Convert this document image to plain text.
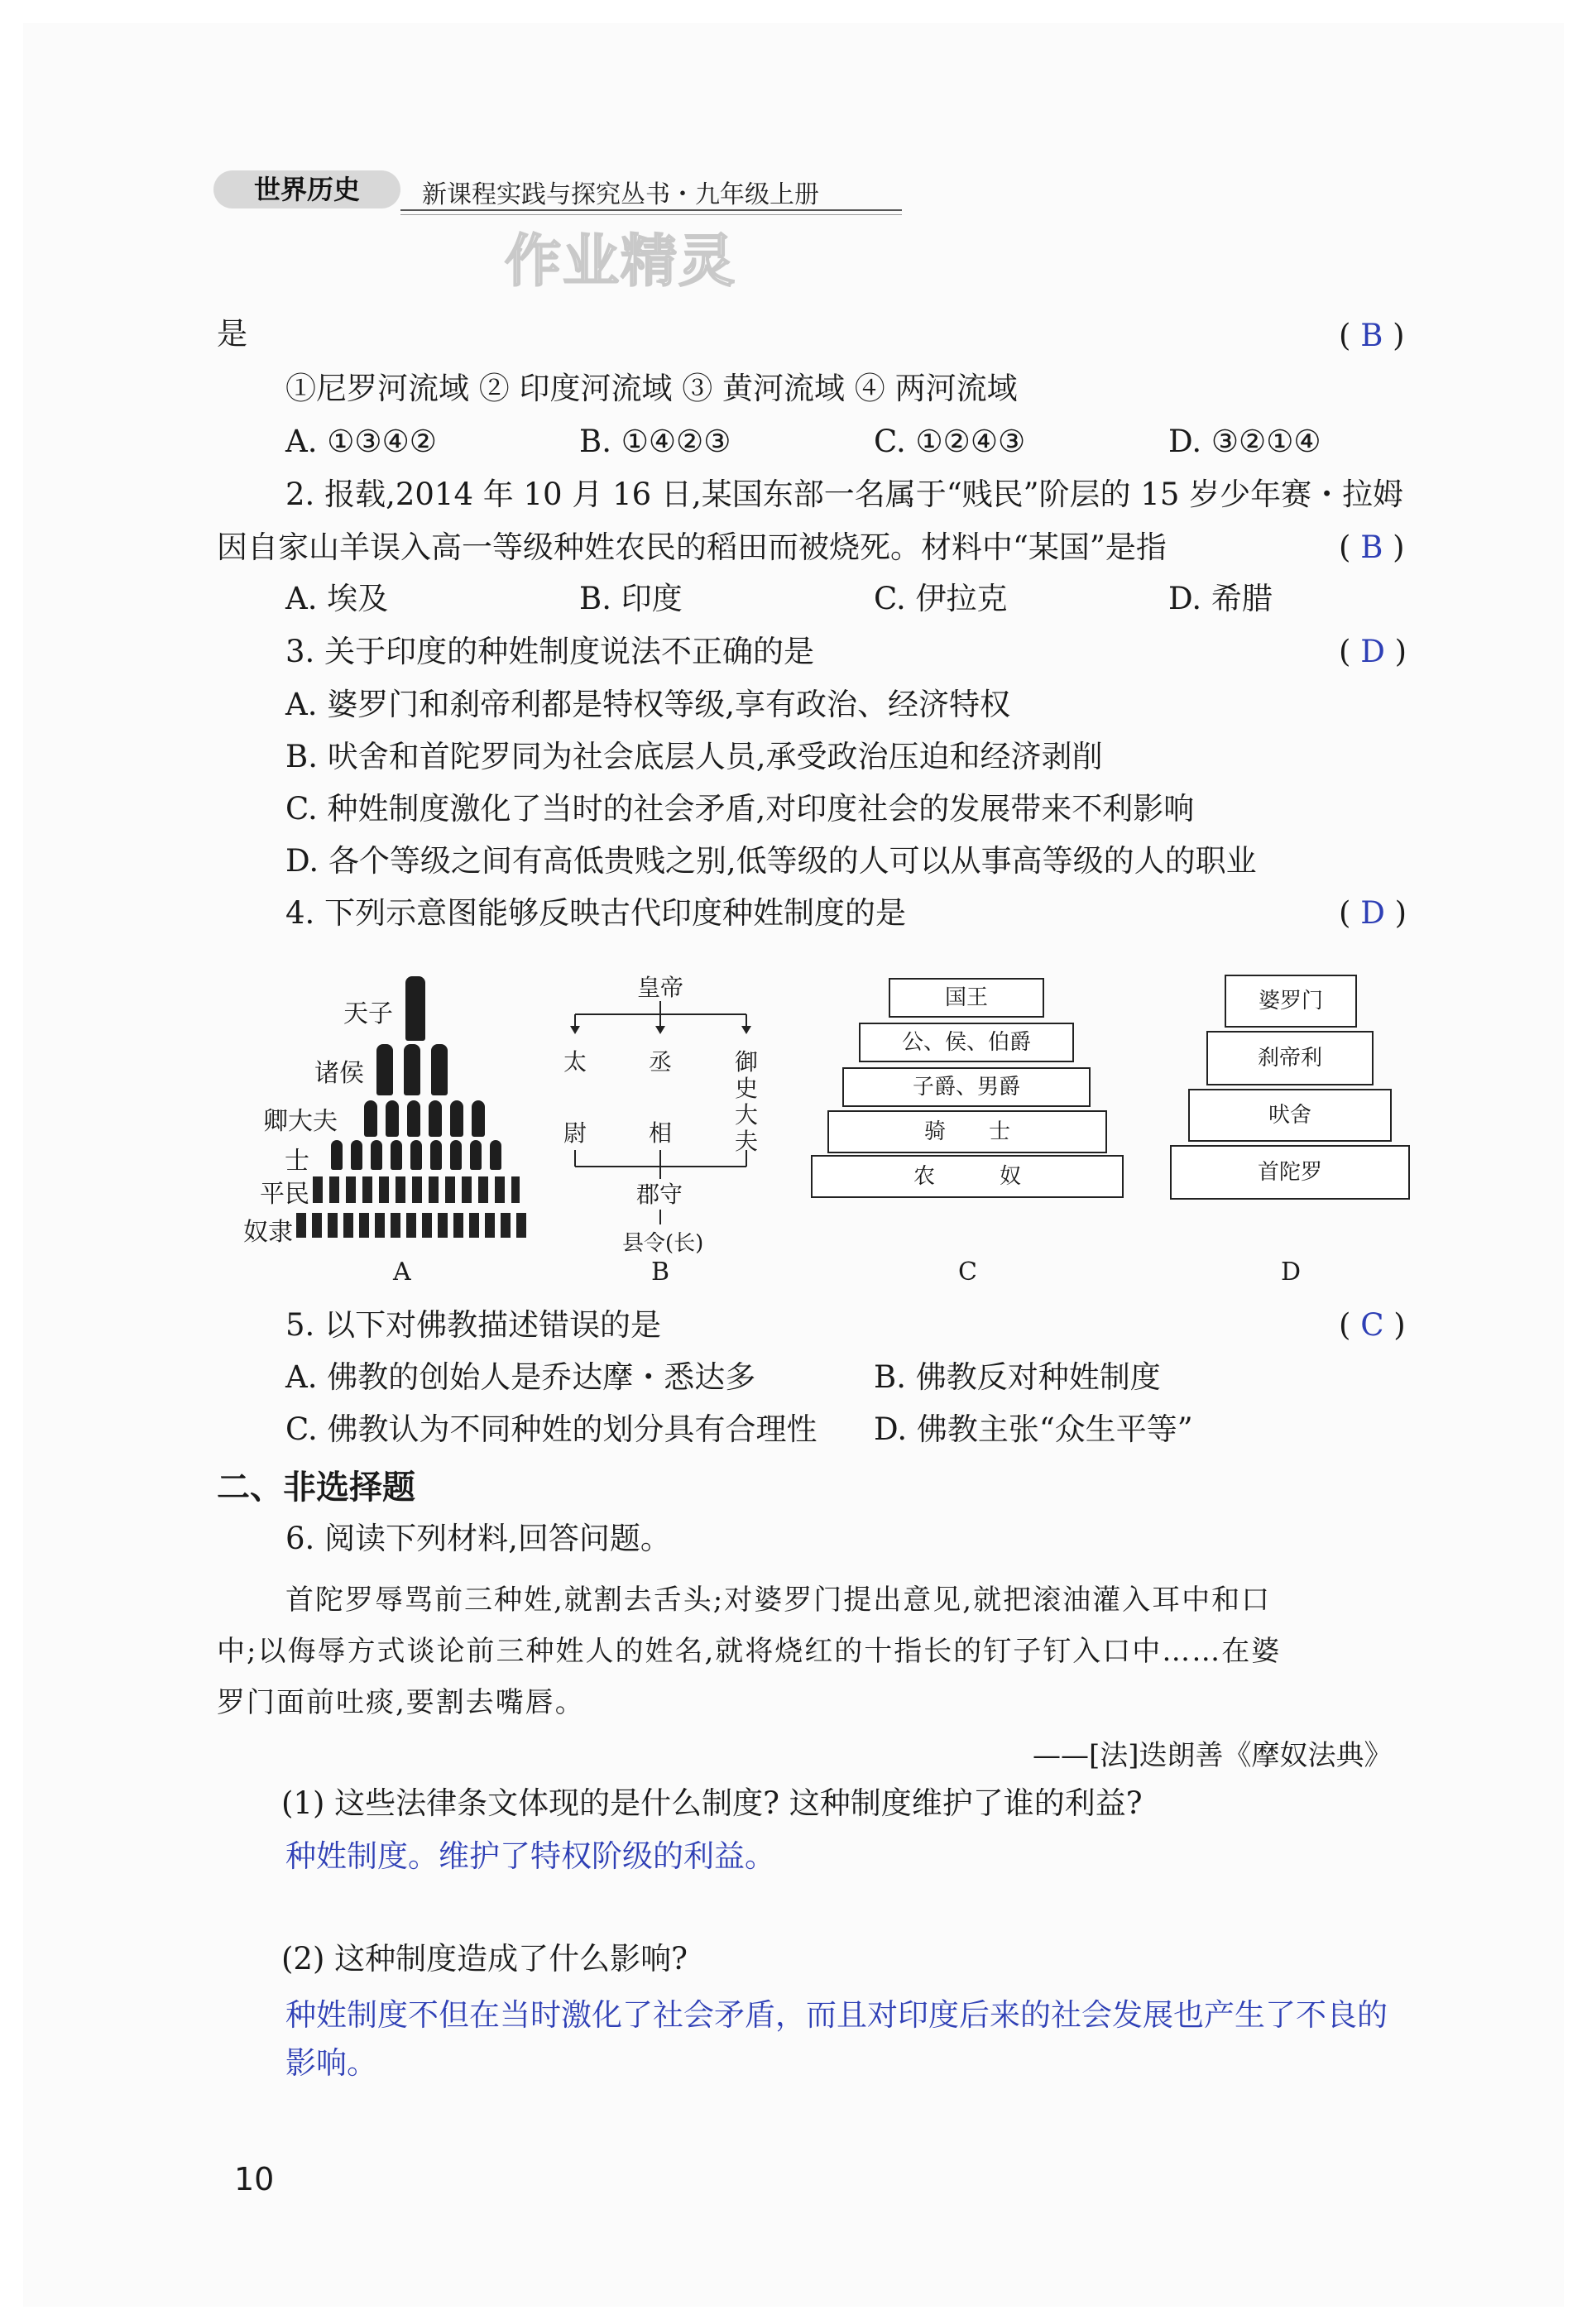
世界历史	新课程实践与探究丛书・九年级上册
作业精灵
是	( B )
①尼罗河流域 ② 印度河流域 ③ 黄河流域 ④ 两河流域
A. ①③④②	B. ①④②③	C. ①②④③	D. ③②①④
2. 报载,2014 年 10 月 16 日,某国东部一名属于“贱民”阶层的 15 岁少年赛・拉姆
因自家山羊误入高一等级种姓农民的稻田而被烧死。材料中“某国”是指	( B )
A. 埃及	B. 印度	C. 伊拉克	D. 希腊
3. 关于印度的种姓制度说法不正确的是	( D )
A. 婆罗门和刹帝利都是特权等级,享有政治、经济特权
B. 吠舍和首陀罗同为社会底层人员,承受政治压迫和经济剥削
C. 种姓制度激化了当时的社会矛盾,对印度社会的发展带来不利影响
D. 各个等级之间有高低贵贱之别,低等级的人可以从事高等级的人的职业
4. 下列示意图能够反映古代印度种姓制度的是	( D )
天子
诸侯
卿大夫
士
平民
奴隶
A
皇帝
太
尉
丞
相
御
史
大
夫
郡守
县令(长)
B
国王
公、侯、伯爵
子爵、男爵
骑　　士
农　　　奴
C
婆罗门
刹帝利
吠舍
首陀罗
D
5. 以下对佛教描述错误的是	( C )
A. 佛教的创始人是乔达摩・悉达多	B. 佛教反对种姓制度
C. 佛教认为不同种姓的划分具有合理性 D. 佛教主张“众生平等”
二、非选择题
6. 阅读下列材料,回答问题。
首陀罗辱骂前三种姓,就割去舌头;对婆罗门提出意见,就把滚油灌入耳中和口
中;以侮辱方式谈论前三种姓人的姓名,就将烧红的十指长的钉子钉入口中……在婆
罗门面前吐痰,要割去嘴唇。
——[法]迭朗善《摩奴法典》
(1) 这些法律条文体现的是什么制度? 这种制度维护了谁的利益?
种姓制度。维护了特权阶级的利益。
(2) 这种制度造成了什么影响?
种姓制度不但在当时激化了社会矛盾，而且对印度后来的社会发展也产生了不良的
影响。
10
